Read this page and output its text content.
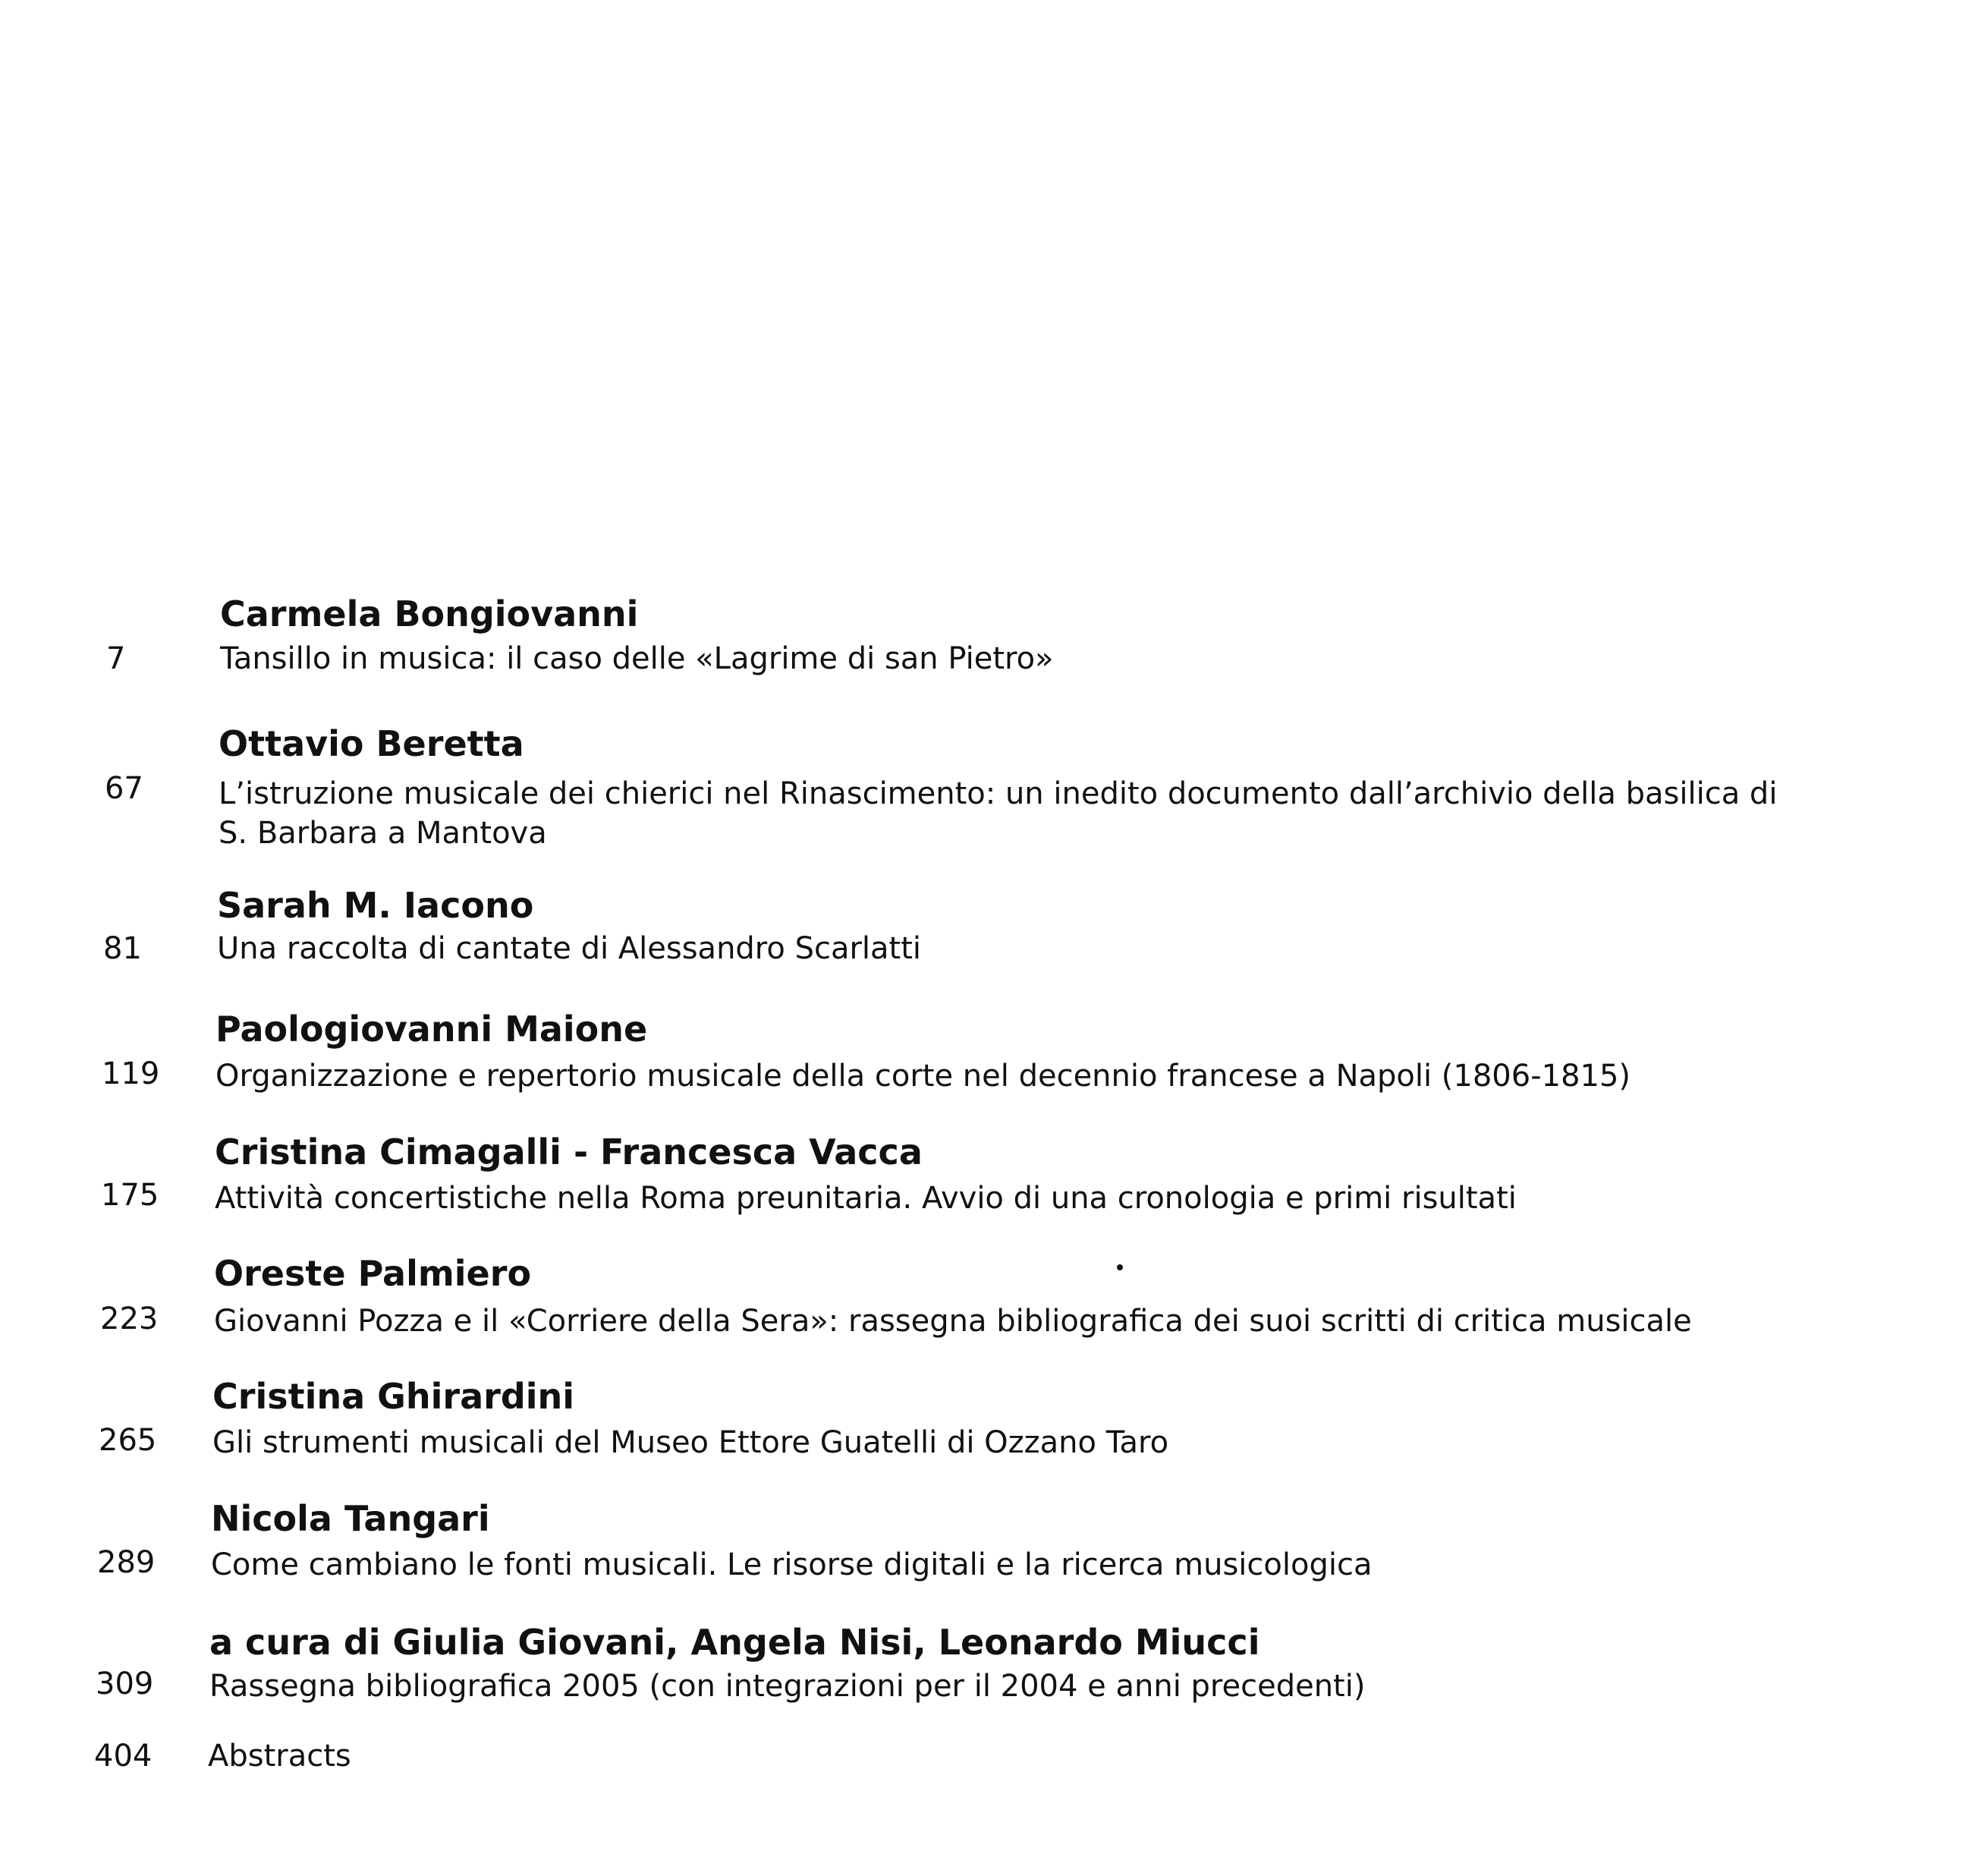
Carmela Bongiovanni
7	Tansillo in musica: il caso delle «Lagrime di san Pietro»
Ottavio Beretta
67 L’istruzione musicale dei chierici nel Rinascimento: un inedito documento dall’archivio della basilica di S. Barbara a Mantova
Sarah M. Iacono
81 Una raccolta di cantate di Alessandro Scarlatti
Paologiovanni Maione
119 Organizzazione e repertorio musicale della corte nel decennio francese a Napoli (1806-1815)
Cristina Cimagalli - Francesca Vacca
175 Attività concertistiche nella Roma preunitaria. Avvio di una cronologia e primi risultati
Oreste Palmiero
223 Giovanni Pozza e il «Corriere della Sera»: rassegna bibliografica dei suoi scritti di critica musicale
Cristina Ghirardini
265 Gli strumenti musicali del Museo Ettore Guatelli di Ozzano Taro
Nicola Tangari
289 Come cambiano le fonti musicali. Le risorse digitali e la ricerca musicologica
a cura di Giulia Giovani, Angela Nisi, Leonardo Miucci
309 Rassegna bibliografica 2005 (con integrazioni per il 2004 e anni precedenti)
404 Abstracts
